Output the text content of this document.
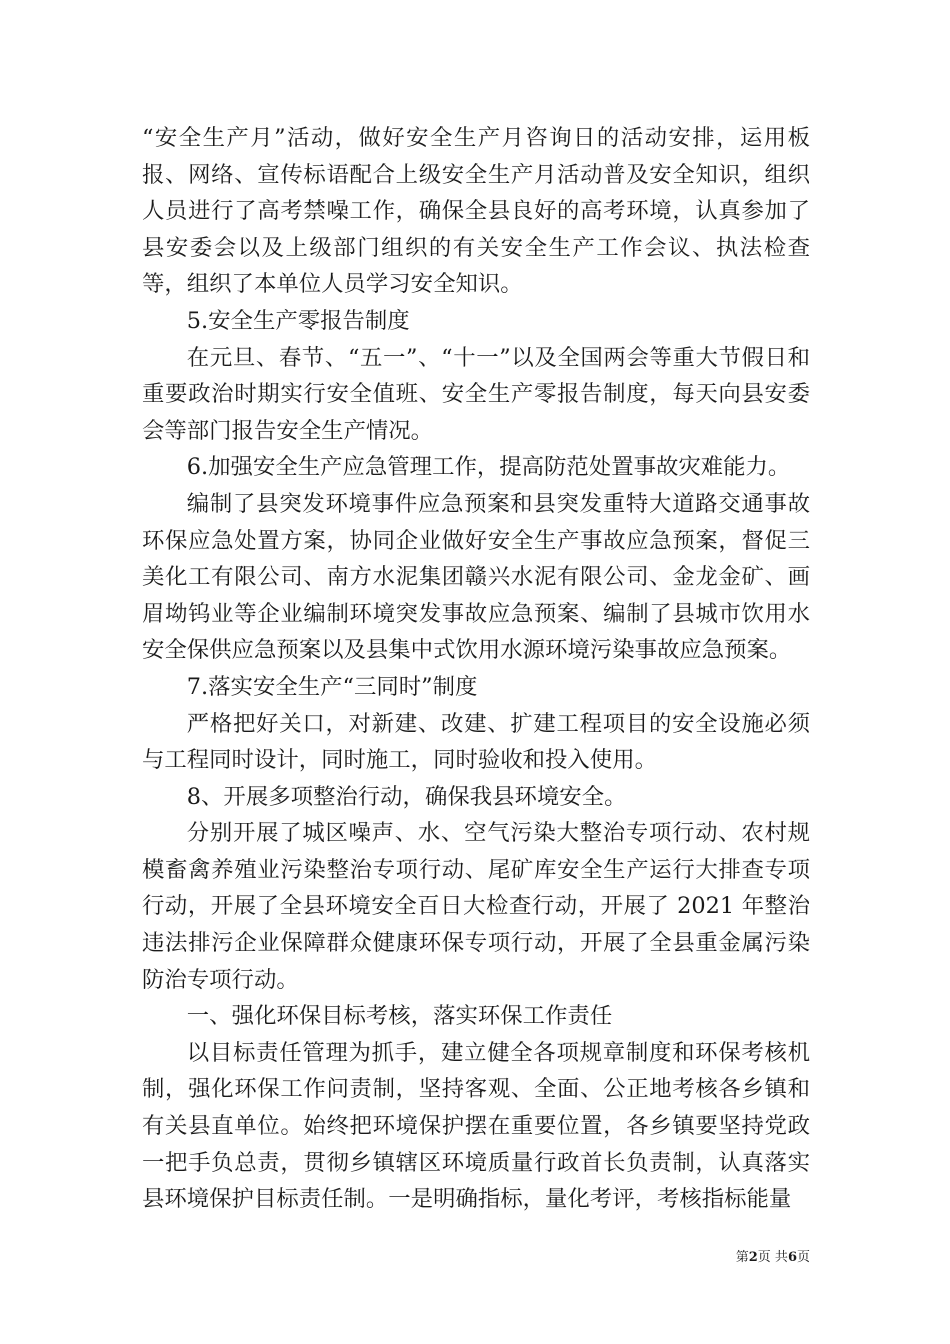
“安全生产月”活动，做好安全生产月咨询日的活动安排，运用板报、网络、宣传标语配合上级安全生产月活动普及安全知识，组织人员进行了高考禁噪工作，确保全县良好的高考环境，认真参加了县安委会以及上级部门组织的有关安全生产工作会议、执法检查等，组织了本单位人员学习安全知识。

5.安全生产零报告制度

在元旦、春节、“五一”、“十一”以及全国两会等重大节假日和重要政治时期实行安全值班、安全生产零报告制度，每天向县安委会等部门报告安全生产情况。

6.加强安全生产应急管理工作，提高防范处置事故灾难能力。

编制了县突发环境事件应急预案和县突发重特大道路交通事故环保应急处置方案，协同企业做好安全生产事故应急预案，督促三美化工有限公司、南方水泥集团赣兴水泥有限公司、金龙金矿、画眉坳钨业等企业编制环境突发事故应急预案、编制了县城市饮用水安全保供应急预案以及县集中式饮用水源环境污染事故应急预案。

7.落实安全生产“三同时”制度

严格把好关口，对新建、改建、扩建工程项目的安全设施必须与工程同时设计，同时施工，同时验收和投入使用。

8、开展多项整治行动，确保我县环境安全。

分别开展了城区噪声、水、空气污染大整治专项行动、农村规模畜禽养殖业污染整治专项行动、尾矿库安全生产运行大排查专项行动，开展了全县环境安全百日大检查行动，开展了 2021 年整治违法排污企业保障群众健康环保专项行动，开展了全县重金属污染防治专项行动。

一、强化环保目标考核，落实环保工作责任

以目标责任管理为抓手，建立健全各项规章制度和环保考核机制，强化环保工作问责制，坚持客观、全面、公正地考核各乡镇和有关县直单位。始终把环境保护摆在重要位置，各乡镇要坚持党政一把手负总责，贯彻乡镇辖区环境质量行政首长负责制，认真落实县环境保护目标责任制。一是明确指标，量化考评，考核指标能量

第2页 共6页
